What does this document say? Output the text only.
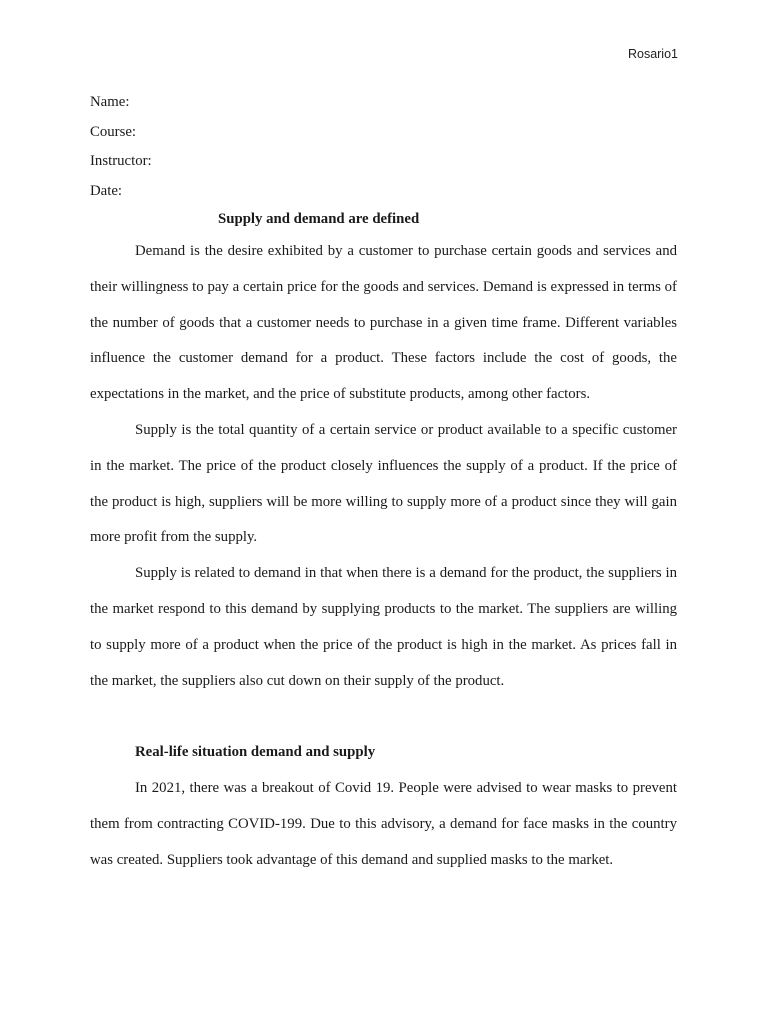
Rosario1
Name:
Course:
Instructor:
Date:
Supply and demand are defined

Demand is the desire exhibited by a customer to purchase certain goods and services and their willingness to pay a certain price for the goods and services. Demand is expressed in terms of the number of goods that a customer needs to purchase in a given time frame. Different variables influence the customer demand for a product. These factors include the cost of goods, the expectations in the market, and the price of substitute products, among other factors.

Supply is the total quantity of a certain service or product available to a specific customer in the market. The price of the product closely influences the supply of a product. If the price of the product is high, suppliers will be more willing to supply more of a product since they will gain more profit from the supply.

Supply is related to demand in that when there is a demand for the product, the suppliers in the market respond to this demand by supplying products to the market. The suppliers are willing to supply more of a product when the price of the product is high in the market. As prices fall in the market, the suppliers also cut down on their supply of the product.

Real-life situation demand and supply

In 2021, there was a breakout of Covid 19. People were advised to wear masks to prevent them from contracting COVID-199. Due to this advisory, a demand for face masks in the country was created. Suppliers took advantage of this demand and supplied masks to the market.
